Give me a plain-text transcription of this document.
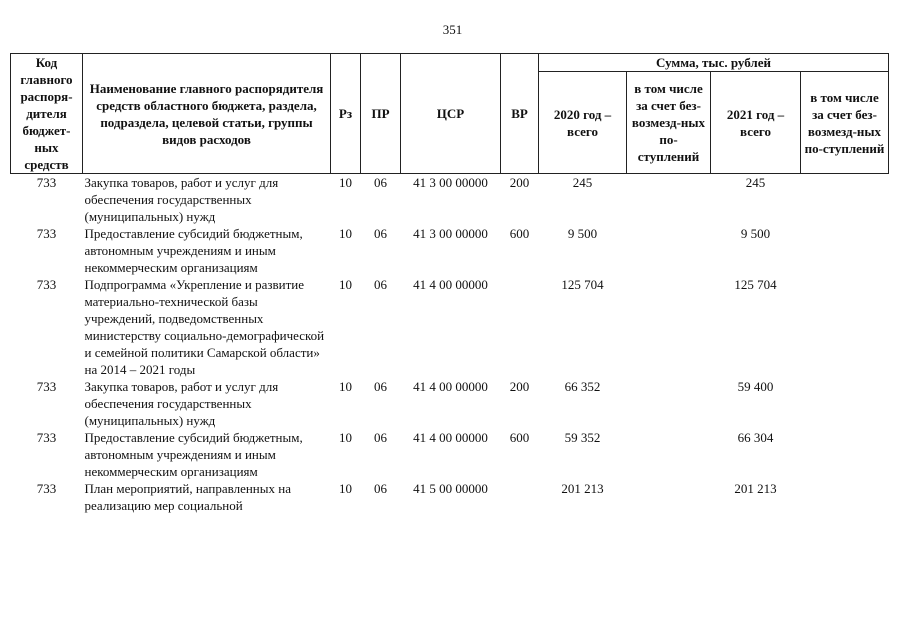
351
Код главного распоря-дителя бюджет-ных средств	Наименование главного распорядителя средств областного бюджета, раздела, подраздела, целевой статьи, группы видов расходов	Рз	ПР	ЦСР	ВР	Сумма, тыс. рублей			
						2020 год – всего	в том числе за счет без-возмезд-ных по-ступлений	2021 год – всего	в том числе за счет без-возмезд-ных по-ступлений
733	Закупка товаров, работ и услуг для обеспечения государственных (муниципальных) нужд	10	06	41 3 00 00000	200	245		245	
733	Предоставление субсидий бюджетным, автономным учреждениям и иным некоммерческим организациям	10	06	41 3 00 00000	600	9 500		9 500	
733	Подпрограмма «Укрепление и развитие материально-технической базы учреждений, подведомственных министерству социально-демографической и семейной политики Самарской области» на 2014 – 2021 годы	10	06	41 4 00 00000		125 704		125 704	
733	Закупка товаров, работ и услуг для обеспечения государственных (муниципальных) нужд	10	06	41 4 00 00000	200	66 352		59 400	
733	Предоставление субсидий бюджетным, автономным учреждениям и иным некоммерческим организациям	10	06	41 4 00 00000	600	59 352		66 304	
733	План мероприятий, направленных на реализацию мер социальной	10	06	41 5 00 00000		201 213		201 213	
